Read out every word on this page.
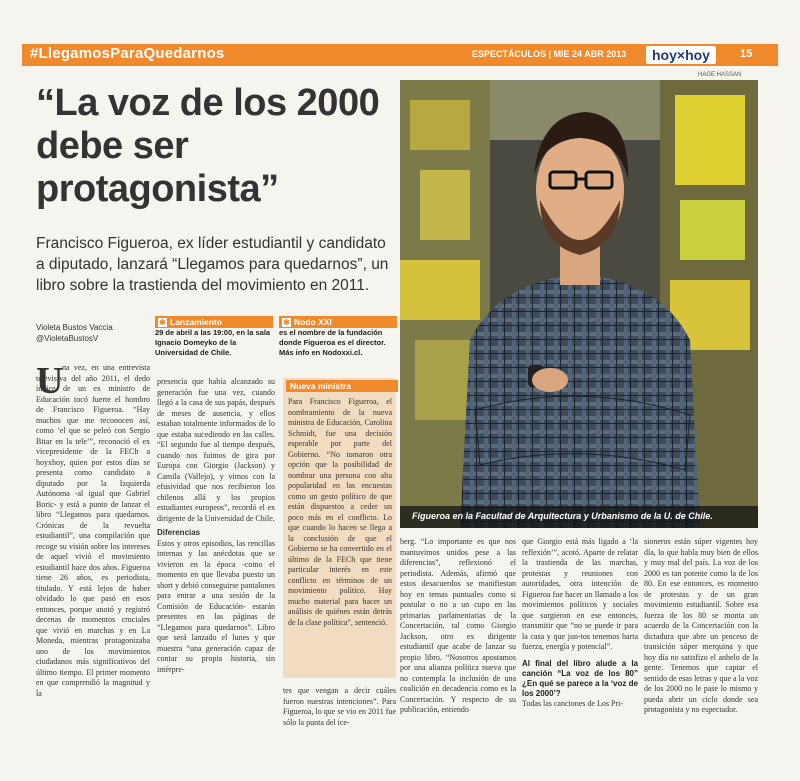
#LlegamosParaQuedarnos	ESPECTÁCULOS | MIE 24 ABR 2013	hoy×hoy	15
HAGE HASSAN
“La voz de los 2000 debe ser protagonista”
Francisco Figueroa, ex líder estudiantil y candidato a diputado, lanzará “Llegamos para quedarnos”, un libro sobre la trastienda del movimiento en 2011.
Figueroa en la Facultad de Arquitectura y Urbanismo de la U. de Chile.
Violeta Bustos Vaccia
@VioletaBustosV
✱ Lanzamiento
29 de abril a las 19:00, en la sala Ignacio Domeyko de la Universidad de Chile.
✱ Nodo XXI
es el nombre de la fundación donde Figueroa es el director. Más info en Nodoxxi.cl.
U
na vez, en una entrevista televisiva del año 2011, el dedo índice de un ex ministro de Educación tocó fuerte el hombro de Francisco Figueroa. “Hay muchos que me reconocen así, como ‘el que se peleó con Sergio Bitar en la tele’”, reconoció el ex vicepresidente de la FECh a hoyxhoy, quien por estos días se presenta como candidato a diputado por la Izquierda Autónoma -al igual que Gabriel Boric- y está a punto de lanzar el libro “Llegamos para quedarnos. Crónicas de la revuelta estudiantil”, una compilación que recoge su visión sobre los intereses de aquel vivió el movimiento estudiantil hace dos años. Figueroa tiene 26 años, es periodista, titulado. Y está lejos de haber olvidado lo que pasó en esos entonces, porque anotó y registró decenas de momentos cruciales que vivió en marchas y en La Moneda, mientras protagonizaba uno de los movimientos ciudadanos más significativos del último tiempo. El primer momento en que comprendió la magnitud y la
presencia que había alcanzado su generación fue una vez, cuando llegó a la casa de sus papás, después de meses de ausencia, y ellos estaban totalmente informados de lo que estaba sucediendo en las calles. “El segundo fue al tiempo después, cuando nos fuimos de gira por Europa con Giorgio (Jackson) y Camila (Vallejo), y vimos con la efusividad que nos recibieron los chilenos allá y los propios estudiantes europeos”, recordó el ex dirigente de la Universidad de Chile.
Diferencias
Estos y otros episodios, las rencillas internas y las anécdotas que se vivieron en la época -como el momento en que llevaba puesto un short y debió conseguirse pantalones para entrar a una sesión de la Comisión de Educación- estarán presentes en las páginas de “Llegamos para quedarnos”. Libro que será lanzado el lunes y que muestra “una generación capaz de contar su propia historia, sin intérpre-
Nueva ministra
Para Francisco Figueroa, el nombramiento de la nueva ministra de Educación, Carolina Schmidt, fue una decisión esperable por parte del Gobierno. “No tomaron otra opción que la posibilidad de nombrar una persona con alta popularidad en las encuestas como un gesto político de que están dispuestos a ceder un poco más en el conflicto. Lo que cuando lo hacen se llega a la conclusión de que el Gobierno se ha convertido en el último de la FECh que tiene particular interés en este conflicto en términos de un movimiento político. Hay mucho material para hacer un análisis de quiénes están detrás de la clase política”, sentenció.
tes que vengan a decir cuáles fueron nuestras intenciones”. Para Figueroa, lo que se vio en 2011 fue sólo la punta del ice-
berg. “Lo importante es que nos mantuvimos unidos pese a las diferencias”, reflexionó el periodista. Además, afirmó que estos desacuerdos se manifiestan hoy en temas puntuales como si postular o no a un cupo en las primarias parlamentarias de la Concertación, tal como Giorgio Jackson, otro ex dirigente estudiantil que acabe de lanzar su propio libro. “Nosotros apostamos por una alianza política nueva que no contempla la inclusión de una coalición en decadencia como es la Concertación. Y respecto de su publicación, entiendo
que Giorgio está más ligado a ‘la reflexión’”, acotó. Aparte de relatar la trastienda de las marchas, protestas y reuniones con autoridades, otra intención de Figueroa fue hacer un llamado a los movimientos políticos y sociales que surgieron en ese entonces, transmitir que “no se puede ir para la casa y que jun-tos tenemos harta fuerza, energía y potencial”.
Al final del libro alude a la canción “La voz de los 80” ¿En qué se parece a la ‘voz de los 2000’?
Todas las canciones de Los Pri-
sioneros están súper vigentes hoy día, lo que habla muy bien de ellos y muy mal del país. La voz de los 2000 es tan potente como la de los 80. En ese entonces, es momento de protestas y de un gran movimiento estudiantil. Sobre esa fuerza de los 80 se monta un acuerdo de la Concertación con la dictadura que abre un proceso de transición súper merquina y que hoy día no satisfizo el anhelo de la gente. Tenemos que captar el sentido de esas letras y que a la voz de los 2000 no le pase lo mismo y pueda abrir un ciclo donde sea protagonista y no espectador.
